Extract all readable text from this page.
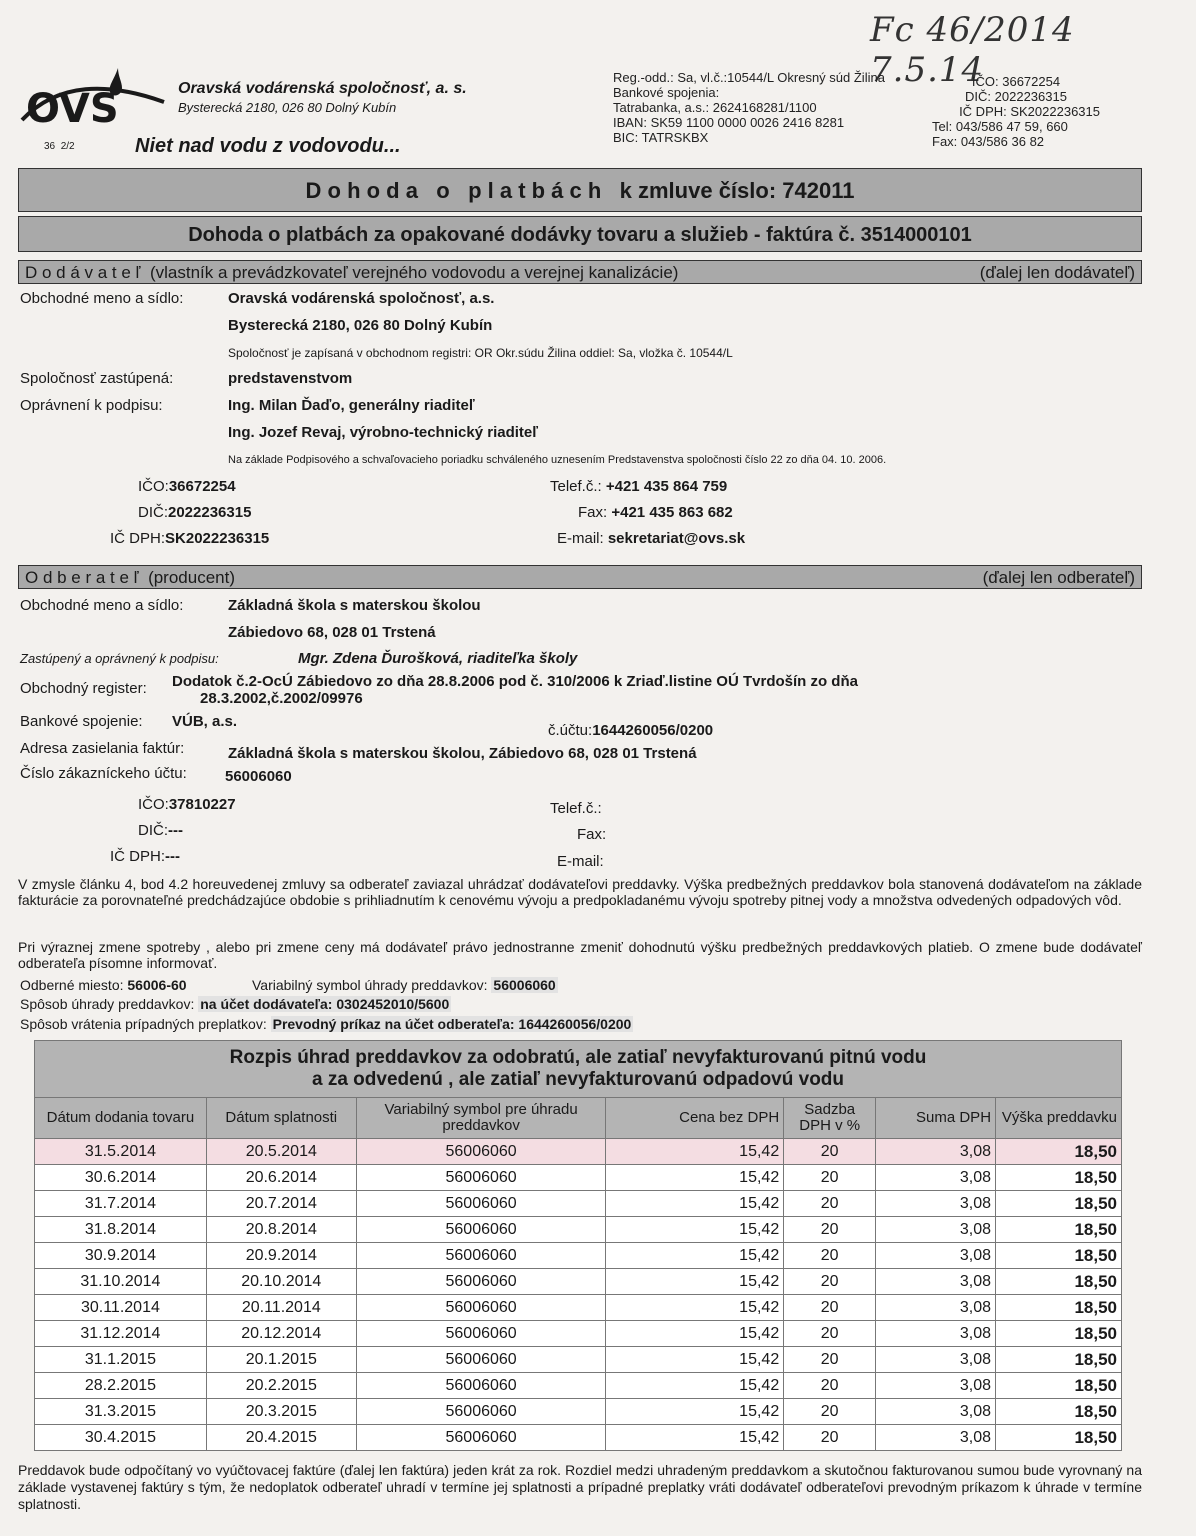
Fc 46/2014 7.5.14
OVS	Oravská vodárenská spoločnosť, a. s.
Bysterecká 2180, 026 80 Dolný Kubín
36 2/2	Niet nad vodu z vodovodu...
Reg.-odd.: Sa, vl.č.:10544/L Okresný súd Žilina
Bankové spojenia:
Tatrabanka, a.s.: 2624168281/1100
IBAN: SK59 1100 0000 0026 2416 8281
BIC: TATRSKBX
IČO: 36672254
DIČ: 2022236315
IČ DPH: SK2022236315
Tel: 043/586 47 59, 660
Fax: 043/586 36 82
D o h o d a   o   p l a t b á c h   k zmluve číslo: 742011
Dohoda o platbách za opakované dodávky tovaru a služieb - faktúra č. 3514000101
D o d á v a t e ľ  (vlastník a prevádzkovateľ verejného vodovodu a verejnej kanalizácie)	(ďalej len dodávateľ)
Obchodné meno a sídlo:	Oravská vodárenská spoločnosť, a.s.
Bysterecká 2180, 026 80 Dolný Kubín
Spoločnosť je zapísaná v obchodnom registri: OR Okr.súdu Žilina oddiel: Sa, vložka č. 10544/L
Spoločnosť zastúpená:	predstavenstvom
Oprávnení k podpisu:	Ing. Milan Ďaďo, generálny riaditeľ
Ing. Jozef Revaj, výrobno-technický riaditeľ
Na základe Podpisového a schvaľovacieho poriadku schváleného uznesením Predstavenstva spoločnosti číslo 22 zo dňa 04. 10. 2006.
IČO:36672254
DIČ:2022236315
IČ DPH:SK2022236315
Telef.č.: +421 435 864 759
Fax: +421 435 863 682
E-mail: sekretariat@ovs.sk
O d b e r a t e ľ  (producent)	(ďalej len odberateľ)
Obchodné meno a sídlo:	Základná škola s materskou školou
Zábiedovo 68, 028 01 Trstená
Zastúpený a oprávnený k podpisu:	Mgr. Zdena Ďurošková, riaditeľka školy
Obchodný register: Dodatok č.2-OcÚ Zábiedovo zo dňa 28.8.2006 pod č. 310/2006 k Zriaď.listine OÚ Tvrdošín zo dňa
28.3.2002,č.2002/09976
Bankové spojenie: VÚB, a.s.
č.účtu:1644260056/0200
Adresa zasielania faktúr:	Základná škola s materskou školou, Zábiedovo 68, 028 01 Trstená
Číslo zákazníckeho účtu:	56006060
IČO:37810227
DIČ:---
IČ DPH:---
Telef.č.:
Fax:
E-mail:
V zmysle článku 4, bod 4.2 horeuvedenej zmluvy sa odberateľ zaviazal uhrádzať dodávateľovi preddavky. Výška predbežných preddavkov bola stanovená dodávateľom na základe fakturácie za porovnateľné predchádzajúce obdobie s prihliadnutím k cenovému vývoju a predpokladanému vývoju spotreby pitnej vody a množstva odvedených odpadových vôd.
Pri výraznej zmene spotreby , alebo pri zmene ceny má dodávateľ právo jednostranne zmeniť dohodnutú výšku predbežných preddavkových platieb. O zmene bude dodávateľ odberateľa písomne informovať.
Odberné miesto: 56006-60	Variabilný symbol úhrady preddavkov: 56006060
Spôsob úhrady preddavkov: na účet dodávateľa: 0302452010/5600
Spôsob vrátenia prípadných preplatkov: Prevodný príkaz na účet odberateľa: 1644260056/0200
Rozpis úhrad preddavkov za odobratú, ale zatiaľ nevyfakturovanú pitnú vodu
a za odvedenú , ale zatiaľ nevyfakturovanú odpadovú vodu						

Dátum dodania tovaru	Dátum splatnosti	Variabilný symbol pre úhradu preddavkov	Cena bez DPH	Sadzba DPH v %	Suma DPH	Výška preddavku
31.5.2014	20.5.2014	56006060	15,42	20	3,08	18,50
30.6.2014	20.6.2014	56006060	15,42	20	3,08	18,50
31.7.2014	20.7.2014	56006060	15,42	20	3,08	18,50
31.8.2014	20.8.2014	56006060	15,42	20	3,08	18,50
30.9.2014	20.9.2014	56006060	15,42	20	3,08	18,50
31.10.2014	20.10.2014	56006060	15,42	20	3,08	18,50
30.11.2014	20.11.2014	56006060	15,42	20	3,08	18,50
31.12.2014	20.12.2014	56006060	15,42	20	3,08	18,50
31.1.2015	20.1.2015	56006060	15,42	20	3,08	18,50
28.2.2015	20.2.2015	56006060	15,42	20	3,08	18,50
31.3.2015	20.3.2015	56006060	15,42	20	3,08	18,50
30.4.2015	20.4.2015	56006060	15,42	20	3,08	18,50
Preddavok bude odpočítaný vo vyúčtovacej faktúre (ďalej len faktúra) jeden krát za rok. Rozdiel medzi uhradeným preddavkom a skutočnou fakturovanou sumou bude vyrovnaný na základe vystavenej faktúry s tým, že nedoplatok odberateľ uhradí v termíne jej splatnosti a prípadné preplatky vráti dodávateľ odberateľovi prevodným príkazom k úhrade v termíne splatnosti.
